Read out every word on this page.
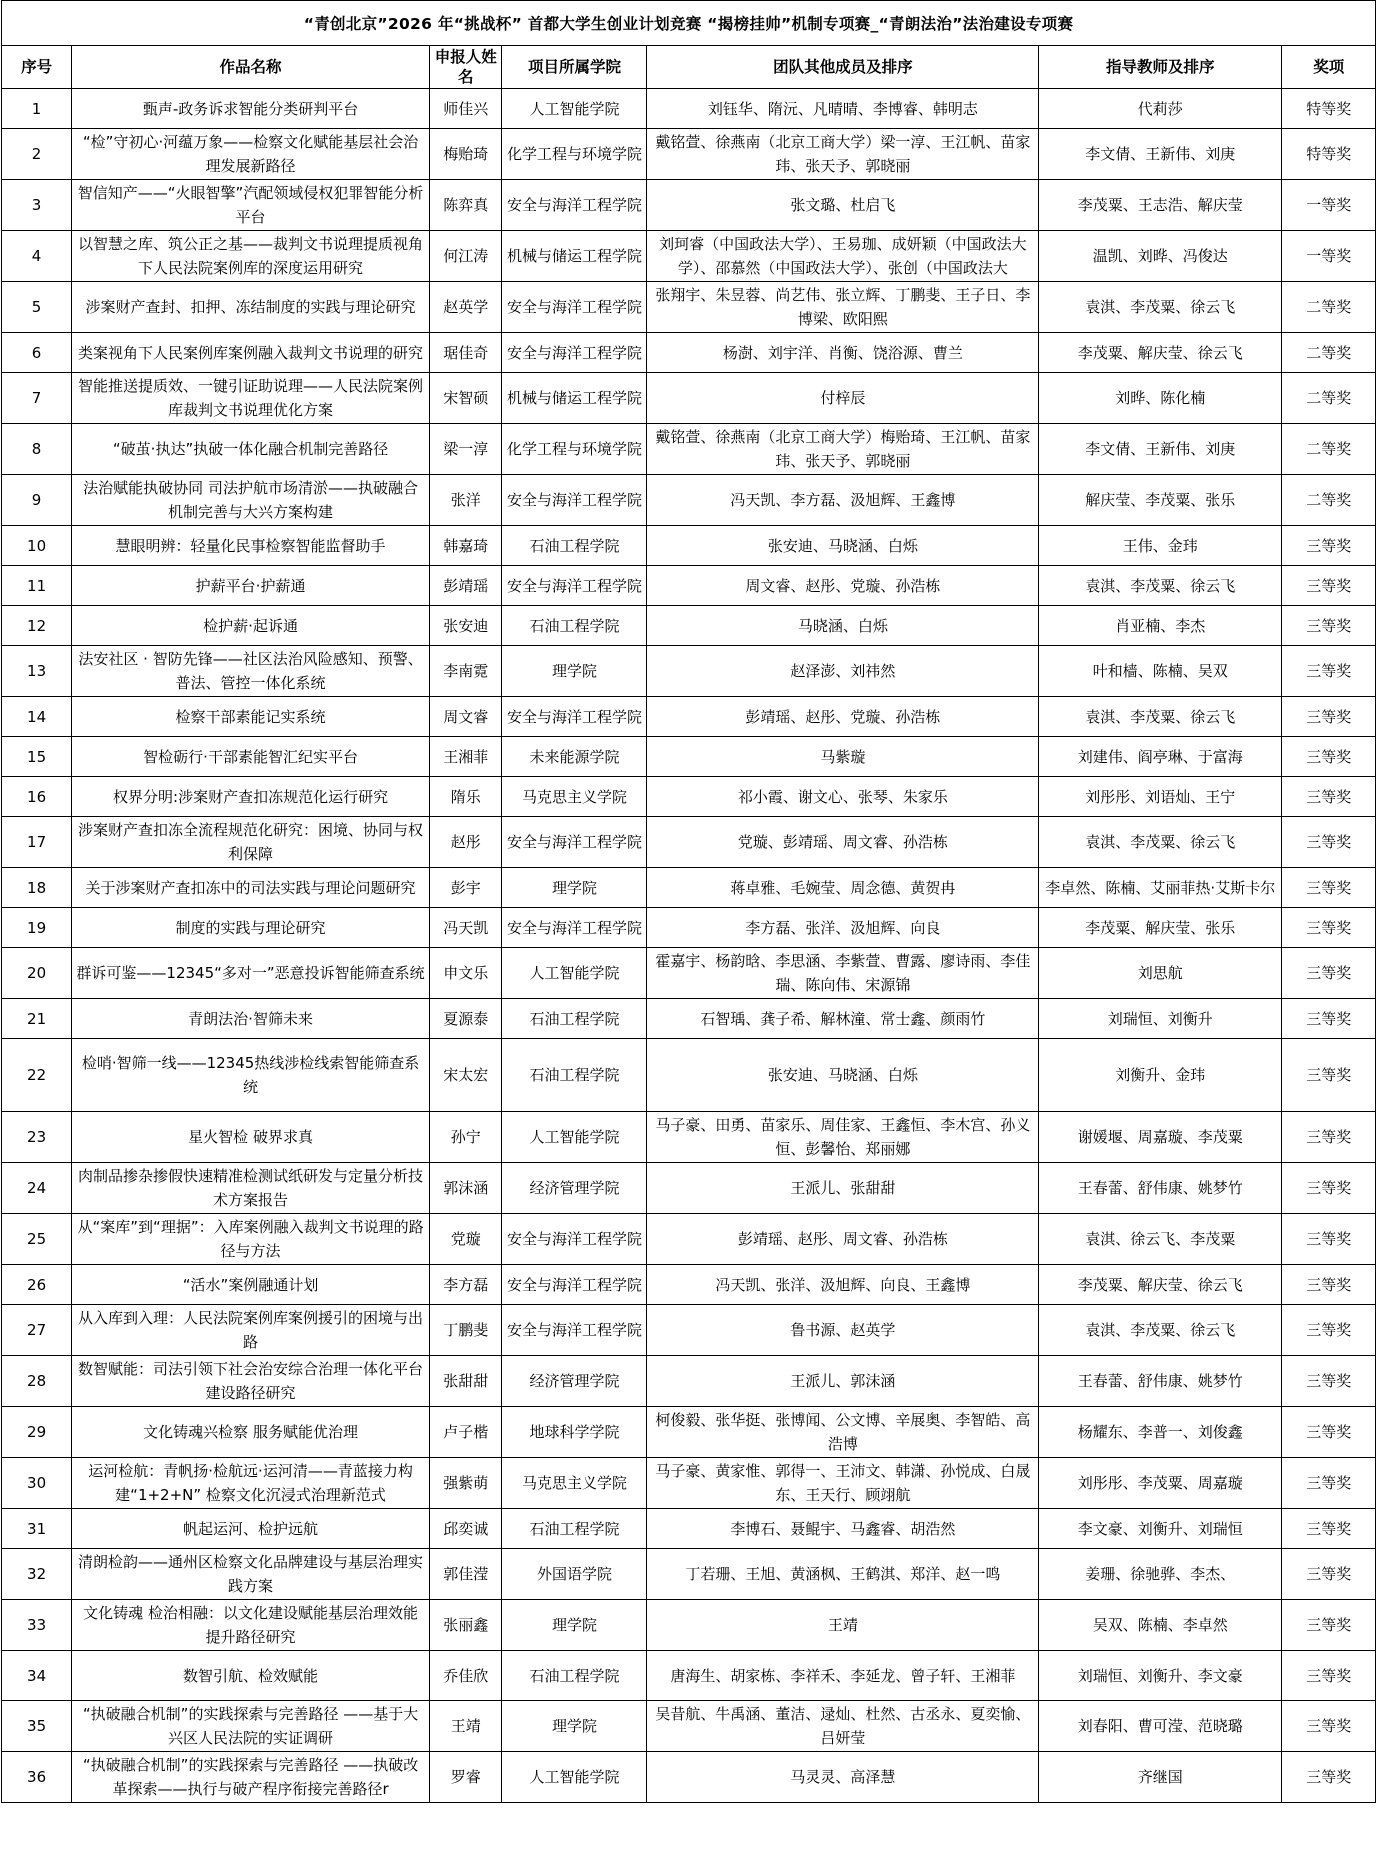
“青创北京”2026 年“挑战杯” 首都大学生创业计划竞赛 “揭榜挂帅”机制专项赛_“青朗法治”法治建设专项赛
序号	作品名称	申报人姓名	项目所属学院	团队其他成员及排序	指导教师及排序	奖项
1	甄声-政务诉求智能分类研判平台	师佳兴	人工智能学院	刘钰华、隋沅、凡晴晴、李博睿、韩明志	代莉莎	特等奖
2	“检”守初心·河蕴万象——检察文化赋能基层社会治理发展新路径	梅贻琦	化学工程与环境学院	戴铭萱、徐燕南（北京工商大学）梁一淳、王江帆、苗家玮、张天予、郭晓丽	李文倩、王新伟、刘庚	特等奖
3	智信知产——“火眼智擎”汽配领域侵权犯罪智能分析平台	陈弈真	安全与海洋工程学院	张文璐、杜启飞	李茂粟、王志浩、解庆莹	一等奖
4	以智慧之库、筑公正之基——裁判文书说理提质视角下人民法院案例库的深度运用研究	何江涛	机械与储运工程学院	刘珂睿（中国政法大学）、王易珈、成妍颖（中国政法大学）、邵慕然（中国政法大学）、张创（中国政法大	温凯、刘晔、冯俊达	一等奖
5	涉案财产查封、扣押、冻结制度的实践与理论研究	赵英学	安全与海洋工程学院	张翔宇、朱昱蓉、尚艺伟、张立辉、丁鹏斐、王子日、李博梁、欧阳熙	袁淇、李茂粟、徐云飞	二等奖
6	类案视角下人民案例库案例融入裁判文书说理的研究	琚佳奇	安全与海洋工程学院	杨澍、刘宇洋、肖衡、饶浴源、曹兰	李茂粟、解庆莹、徐云飞	二等奖
7	智能推送提质效、一键引证助说理——人民法院案例库裁判文书说理优化方案	宋智硕	机械与储运工程学院	付梓辰	刘晔、陈化楠	二等奖
8	“破茧·执达”执破一体化融合机制完善路径	梁一淳	化学工程与环境学院	戴铭萱、徐燕南（北京工商大学）梅贻琦、王江帆、苗家玮、张天予、郭晓丽	李文倩、王新伟、刘庚	二等奖
9	法治赋能执破协同 司法护航市场清淤——执破融合机制完善与大兴方案构建	张洋	安全与海洋工程学院	冯天凯、李方磊、汲旭辉、王鑫博	解庆莹、李茂粟、张乐	二等奖
10	慧眼明辨：轻量化民事检察智能监督助手	韩嘉琦	石油工程学院	张安迪、马晓涵、白烁	王伟、金玮	三等奖
11	护薪平台·护薪通	彭靖瑶	安全与海洋工程学院	周文睿、赵彤、党璇、孙浩栋	袁淇、李茂粟、徐云飞	三等奖
12	检护薪·起诉通	张安迪	石油工程学院	马晓涵、白烁	肖亚楠、李杰	三等奖
13	法安社区 · 智防先锋——社区法治风险感知、预警、普法、管控一体化系统	李南霓	理学院	赵泽澎、刘祎然	叶和樯、陈楠、吴双	三等奖
14	检察干部素能记实系统	周文睿	安全与海洋工程学院	彭靖瑶、赵彤、党璇、孙浩栋	袁淇、李茂粟、徐云飞	三等奖
15	智检砺行·干部素能智汇纪实平台	王湘菲	未来能源学院	马紫璇	刘建伟、阎亭琳、于富海	三等奖
16	权界分明:涉案财产查扣冻规范化运行研究	隋乐	马克思主义学院	祁小霞、谢文心、张琴、朱家乐	刘彤彤、刘语灿、王宁	三等奖
17	涉案财产查扣冻全流程规范化研究：困境、协同与权利保障	赵彤	安全与海洋工程学院	党璇、彭靖瑶、周文睿、孙浩栋	袁淇、李茂粟、徐云飞	三等奖
18	关于涉案财产查扣冻中的司法实践与理论问题研究	彭宇	理学院	蒋卓雅、毛婉莹、周念德、黄贺冉	李卓然、陈楠、艾丽菲热·艾斯卡尔	三等奖
19	制度的实践与理论研究	冯天凯	安全与海洋工程学院	李方磊、张洋、汲旭辉、向良	李茂粟、解庆莹、张乐	三等奖
20	群诉可鉴——12345“多对一”恶意投诉智能筛查系统	申文乐	人工智能学院	霍嘉宇、杨韵晗、李思涵、李紫萱、曹露、廖诗雨、李佳瑞、陈向伟、宋源锦	刘思航	三等奖
21	青朗法治·智筛未来	夏源泰	石油工程学院	石智瑀、龚子希、解林潼、常士鑫、颜雨竹	刘瑞恒、刘衡升	三等奖
22	检哨·智筛一线——12345热线涉检线索智能筛查系统	宋太宏	石油工程学院	张安迪、马晓涵、白烁	刘衡升、金玮	三等奖
23	星火智检 破界求真	孙宁	人工智能学院	马子豪、田勇、苗家乐、周佳家、王鑫恒、李木宫、孙义恒、彭馨怡、郑丽娜	谢媛堰、周嘉璇、李茂粟	三等奖
24	肉制品掺杂掺假快速精准检测试纸研发与定量分析技术方案报告	郭沫涵	经济管理学院	王派儿、张甜甜	王春蕾、舒伟康、姚梦竹	三等奖
25	从“案库”到“理据”：入库案例融入裁判文书说理的路径与方法	党璇	安全与海洋工程学院	彭靖瑶、赵彤、周文睿、孙浩栋	袁淇、徐云飞、李茂粟	三等奖
26	“活水”案例融通计划	李方磊	安全与海洋工程学院	冯天凯、张洋、汲旭辉、向良、王鑫博	李茂粟、解庆莹、徐云飞	三等奖
27	从入库到入理：人民法院案例库案例援引的困境与出路	丁鹏斐	安全与海洋工程学院	鲁书源、赵英学	袁淇、李茂粟、徐云飞	三等奖
28	数智赋能：司法引领下社会治安综合治理一体化平台建设路径研究	张甜甜	经济管理学院	王派儿、郭沫涵	王春蕾、舒伟康、姚梦竹	三等奖
29	文化铸魂兴检察 服务赋能优治理	卢子楷	地球科学学院	柯俊毅、张华挺、张博闻、公文博、辛展奥、李智皓、高浩博	杨耀东、李普一、刘俊鑫	三等奖
30	运河检航：青帆扬·检航远·运河清——青蓝接力构建“1+2+N” 检察文化沉浸式治理新范式	强紫萌	马克思主义学院	马子豪、黄家惟、郭得一、王沛文、韩潇、孙悦成、白晟东、王天行、顾翊航	刘彤彤、李茂粟、周嘉璇	三等奖
31	帆起运河、检护远航	邱奕诚	石油工程学院	李博石、聂鲲宇、马鑫睿、胡浩然	李文豪、刘衡升、刘瑞恒	三等奖
32	清朗检韵——通州区检察文化品牌建设与基层治理实践方案	郭佳滢	外国语学院	丁若珊、王旭、黄涵枫、王鹤淇、郑洋、赵一鸣	姜珊、徐驰骅、李杰、	三等奖
33	文化铸魂 检治相融：以文化建设赋能基层治理效能提升路径研究	张丽鑫	理学院	王靖	吴双、陈楠、李卓然	三等奖
34	数智引航、检效赋能	乔佳欣	石油工程学院	唐海生、胡家栋、李祥禾、李延龙、曾子轩、王湘菲	刘瑞恒、刘衡升、李文豪	三等奖
35	“执破融合机制”的实践探索与完善路径 ——基于大兴区人民法院的实证调研	王靖	理学院	吴昔航、牛禹涵、董洁、逯灿、杜然、古丞永、夏奕愉、吕妍莹	刘春阳、曹可滢、范晓璐	三等奖
36	“执破融合机制”的实践探索与完善路径 ——执破改革探索——执行与破产程序衔接完善路径r	罗睿	人工智能学院	马灵灵、高泽慧	齐继国	三等奖
